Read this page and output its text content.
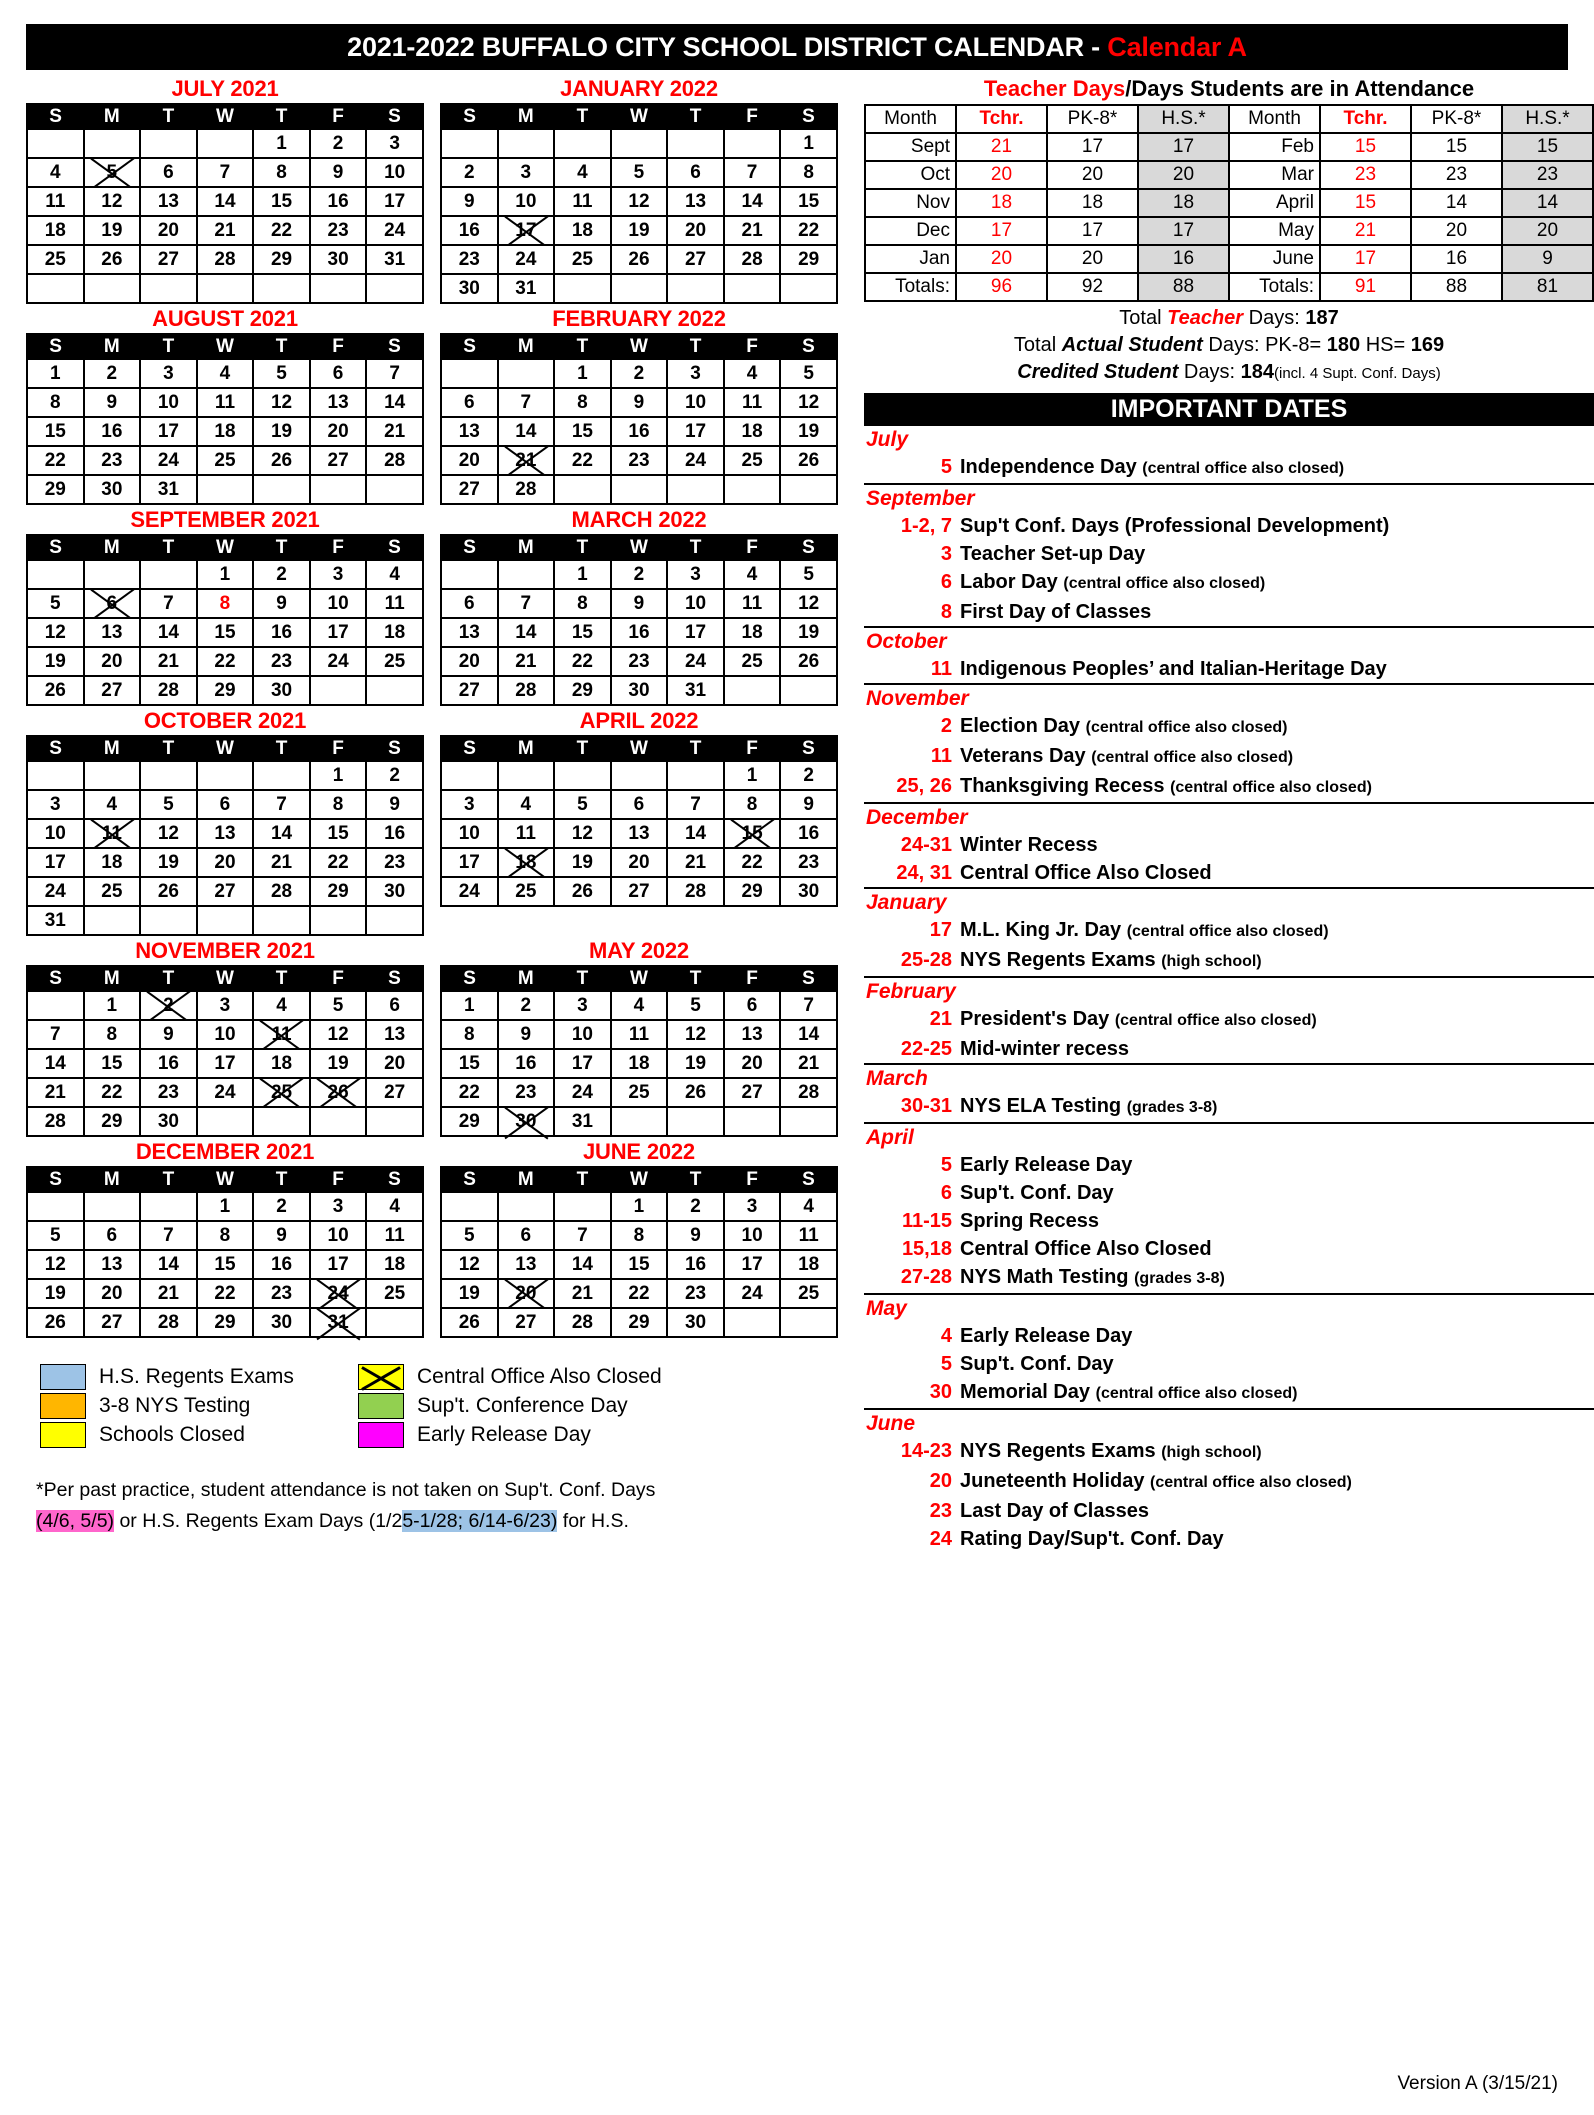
2021-2022 BUFFALO CITY SCHOOL DISTRICT CALENDAR - Calendar A
JULY 2021
S	M	T	W	T	F	S
				1	2	3
4	5	6	7	8	9	10
11	12	13	14	15	16	17
18	19	20	21	22	23	24
25	26	27	28	29	30	31

JANUARY 2022
S	M	T	W	T	F	S
						1
2	3	4	5	6	7	8
9	10	11	12	13	14	15
16	17	18	19	20	21	22
23	24	25	26	27	28	29
30	31					
AUGUST 2021
S	M	T	W	T	F	S
1	2	3	4	5	6	7
8	9	10	11	12	13	14
15	16	17	18	19	20	21
22	23	24	25	26	27	28
29	30	31				
FEBRUARY 2022
S	M	T	W	T	F	S
		1	2	3	4	5
6	7	8	9	10	11	12
13	14	15	16	17	18	19
20	21	22	23	24	25	26
27	28					
SEPTEMBER 2021
S	M	T	W	T	F	S
			1	2	3	4
5	6	7	8	9	10	11
12	13	14	15	16	17	18
19	20	21	22	23	24	25
26	27	28	29	30		
MARCH 2022
S	M	T	W	T	F	S
		1	2	3	4	5
6	7	8	9	10	11	12
13	14	15	16	17	18	19
20	21	22	23	24	25	26
27	28	29	30	31		
OCTOBER 2021
S	M	T	W	T	F	S
					1	2
3	4	5	6	7	8	9
10	11	12	13	14	15	16
17	18	19	20	21	22	23
24	25	26	27	28	29	30
31						
APRIL 2022
S	M	T	W	T	F	S
					1	2
3	4	5	6	7	8	9
10	11	12	13	14	15	16
17	18	19	20	21	22	23
24	25	26	27	28	29	30
NOVEMBER 2021
S	M	T	W	T	F	S
	1	2	3	4	5	6
7	8	9	10	11	12	13
14	15	16	17	18	19	20
21	22	23	24	25	26	27
28	29	30				
MAY 2022
S	M	T	W	T	F	S
1	2	3	4	5	6	7
8	9	10	11	12	13	14
15	16	17	18	19	20	21
22	23	24	25	26	27	28
29	30	31				
DECEMBER 2021
S	M	T	W	T	F	S
			1	2	3	4
5	6	7	8	9	10	11
12	13	14	15	16	17	18
19	20	21	22	23	24	25
26	27	28	29	30	31	
JUNE 2022
S	M	T	W	T	F	S
			1	2	3	4
5	6	7	8	9	10	11
12	13	14	15	16	17	18
19	20	21	22	23	24	25
26	27	28	29	30		
H.S. Regents Exams
3-8 NYS Testing
Schools Closed
Central Office Also Closed
Sup't. Conference Day
Early Release Day
*Per past practice, student attendance is not taken on Sup't. Conf. Days
(4/6, 5/5) or H.S. Regents Exam Days (1/25-1/28; 6/14-6/23) for H.S.
Teacher Days/Days Students are in Attendance
Month	Tchr.	PK-8*	H.S.*	Month	Tchr.	PK-8*	H.S.*
Sept	21	17	17	Feb	15	15	15
Oct	20	20	20	Mar	23	23	23
Nov	18	18	18	April	15	14	14
Dec	17	17	17	May	21	20	20
Jan	20	20	16	June	17	16	9
Totals:	96	92	88	Totals:	91	88	81
Total Teacher Days: 187
Total Actual Student Days: PK-8= 180 HS= 169
Credited Student Days: 184(incl. 4 Supt. Conf. Days)
IMPORTANT DATES
July
5 Independence Day (central office also closed)
September
1-2, 7 Sup't Conf. Days (Professional Development)
3 Teacher Set-up Day
6 Labor Day (central office also closed)
8 First Day of Classes
October
11 Indigenous Peoples’ and Italian-Heritage Day
November
2 Election Day (central office also closed)
11 Veterans Day (central office also closed)
25, 26 Thanksgiving Recess (central office also closed)
December
24-31 Winter Recess
24, 31 Central Office Also Closed
January
17 M.L. King Jr. Day (central office also closed)
25-28 NYS Regents Exams (high school)
February
21 President's Day (central office also closed)
22-25 Mid-winter recess
March
30-31 NYS ELA Testing (grades 3-8)
April
5 Early Release Day
6 Sup't. Conf. Day
11-15 Spring Recess
15,18 Central Office Also Closed
27-28 NYS Math Testing (grades 3-8)
May
4 Early Release Day
5 Sup't. Conf. Day
30 Memorial Day (central office also closed)
June
14-23 NYS Regents Exams (high school)
20 Juneteenth Holiday (central office also closed)
23 Last Day of Classes
24 Rating Day/Sup't. Conf. Day
Version A (3/15/21)
